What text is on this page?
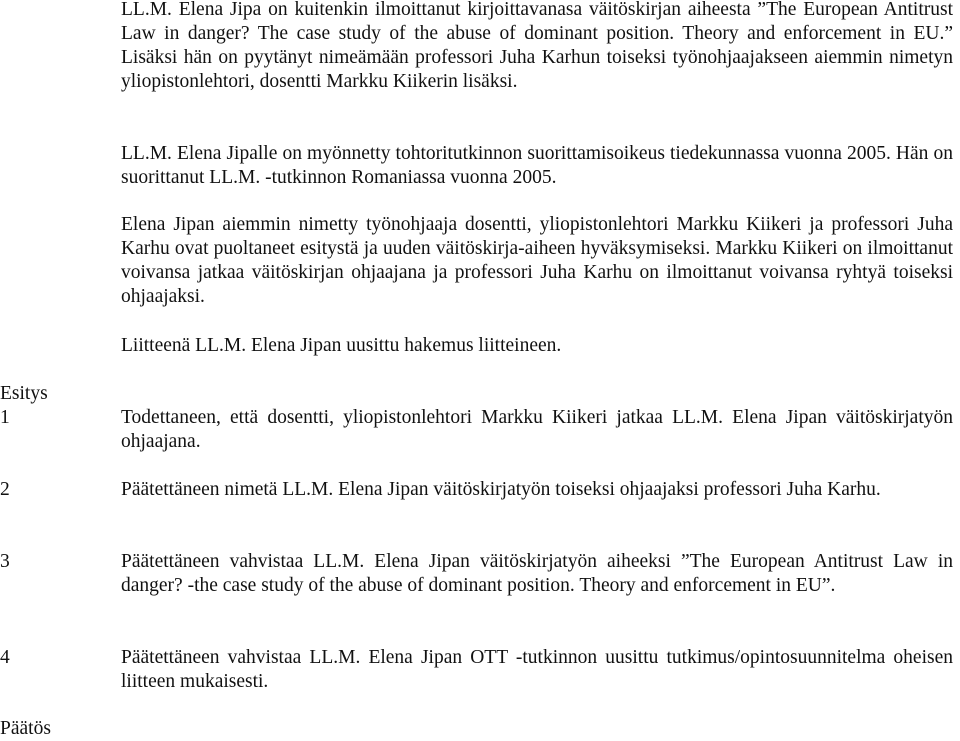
LL.M. Elena Jipa on kuitenkin ilmoittanut kirjoittavanasa väitöskirjan aiheesta ”The European Antitrust Law in danger? The case study of the abuse of dominant position. Theory and enforcement in EU.” Lisäksi hän on pyytänyt nimeämään professori Juha Karhun toiseksi työnohjaajakseen aiemmin nimetyn yliopistonlehtori, dosentti Markku Kiikerin lisäksi.

LL.M. Elena Jipalle on myönnetty tohtoritutkinnon suorittamisoikeus tiedekunnassa vuonna 2005. Hän on suorittanut LL.M. -tutkinnon Romaniassa vuonna 2005.

Elena Jipan aiemmin nimetty työnohjaaja dosentti, yliopistonlehtori Markku Kiikeri ja professori Juha Karhu ovat puoltaneet esitystä ja uuden väitöskirja-aiheen hyväksymiseksi. Markku Kiikeri on ilmoittanut voivansa jatkaa väitöskirjan ohjaajana ja professori Juha Karhu on ilmoittanut voivansa ryhtyä toiseksi ohjaajaksi.

Liitteenä LL.M. Elena Jipan uusittu hakemus liitteineen.

Esitys

1	Todettaneen, että dosentti, yliopistonlehtori Markku Kiikeri jatkaa LL.M. Elena Jipan väitöskirjatyön ohjaajana.

2	Päätettäneen nimetä LL.M. Elena Jipan väitöskirjatyön toiseksi ohjaajaksi professori Juha Karhu.

3	Päätettäneen vahvistaa LL.M. Elena Jipan väitöskirjatyön aiheeksi ”The European Antitrust Law in danger? -the case study of the abuse of dominant position. Theory and enforcement in EU”.

4	Päätettäneen vahvistaa LL.M. Elena Jipan OTT -tutkinnon uusittu tutkimus/opintosuunnitelma oheisen liitteen mukaisesti.

Päätös
